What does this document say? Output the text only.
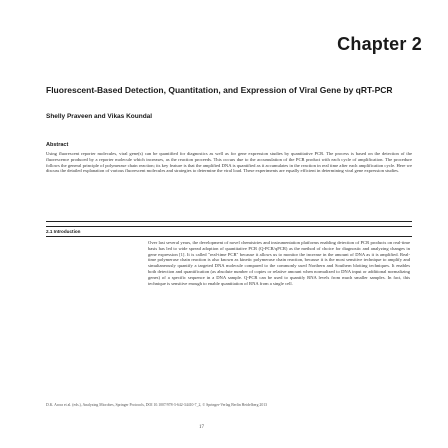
Chapter 2
Fluorescent-Based Detection, Quantitation, and Expression of Viral Gene by qRT-PCR
Shelly Praveen and Vikas Koundal
Abstract
Using fluorescent reporter molecules, viral gene(s) can be quantified for diagnostics as well as for gene expression studies by quantitative PCR. The process is based on the detection of the fluorescence produced by a reporter molecule which increases, as the reaction proceeds. This occurs due to the accumulation of the PCR product with each cycle of amplification. The procedure follows the general principle of polymerase chain reaction; its key feature is that the amplified DNA is quantified as it accumulates in the reaction in real time after each amplification cycle. Here we discuss the detailed explanation of various fluorescent molecules and strategies to determine the viral load. These experiments are equally efficient in determining viral gene expression studies.
2.1 Introduction
Over last several years, the development of novel chemistries and instrumentation platforms enabling detection of PCR products on real-time basis has led to wide spread adoption of quantitative PCR (Q-PCR/qPCR) as the method of choice for diagnostic and analyzing changes in gene expression [1]. It is called "real-time PCR" because it allows us to monitor the increase in the amount of DNA as it is amplified. Real-time polymerase chain reaction is also known as kinetic polymerase chain reaction, because it is the most sensitive technique to amplify and simultaneously quantify a targeted DNA molecule compared to the commonly used Northern and Southern blotting techniques. It enables both detection and quantification (as absolute number of copies or relative amount when normalized to DNA input or additional normalizing genes) of a specific sequence in a DNA sample. Q-PCR can be used to quantify RNA levels from much smaller samples. In fact, this technique is sensitive enough to enable quantitation of RNA from a single cell.
D.K. Arora et al. (eds.), Analyzing Microbes, Springer Protocols, DOI 10.1007/978-3-642-34410-7_2, © Springer-Verlag Berlin Heidelberg 2013
17
